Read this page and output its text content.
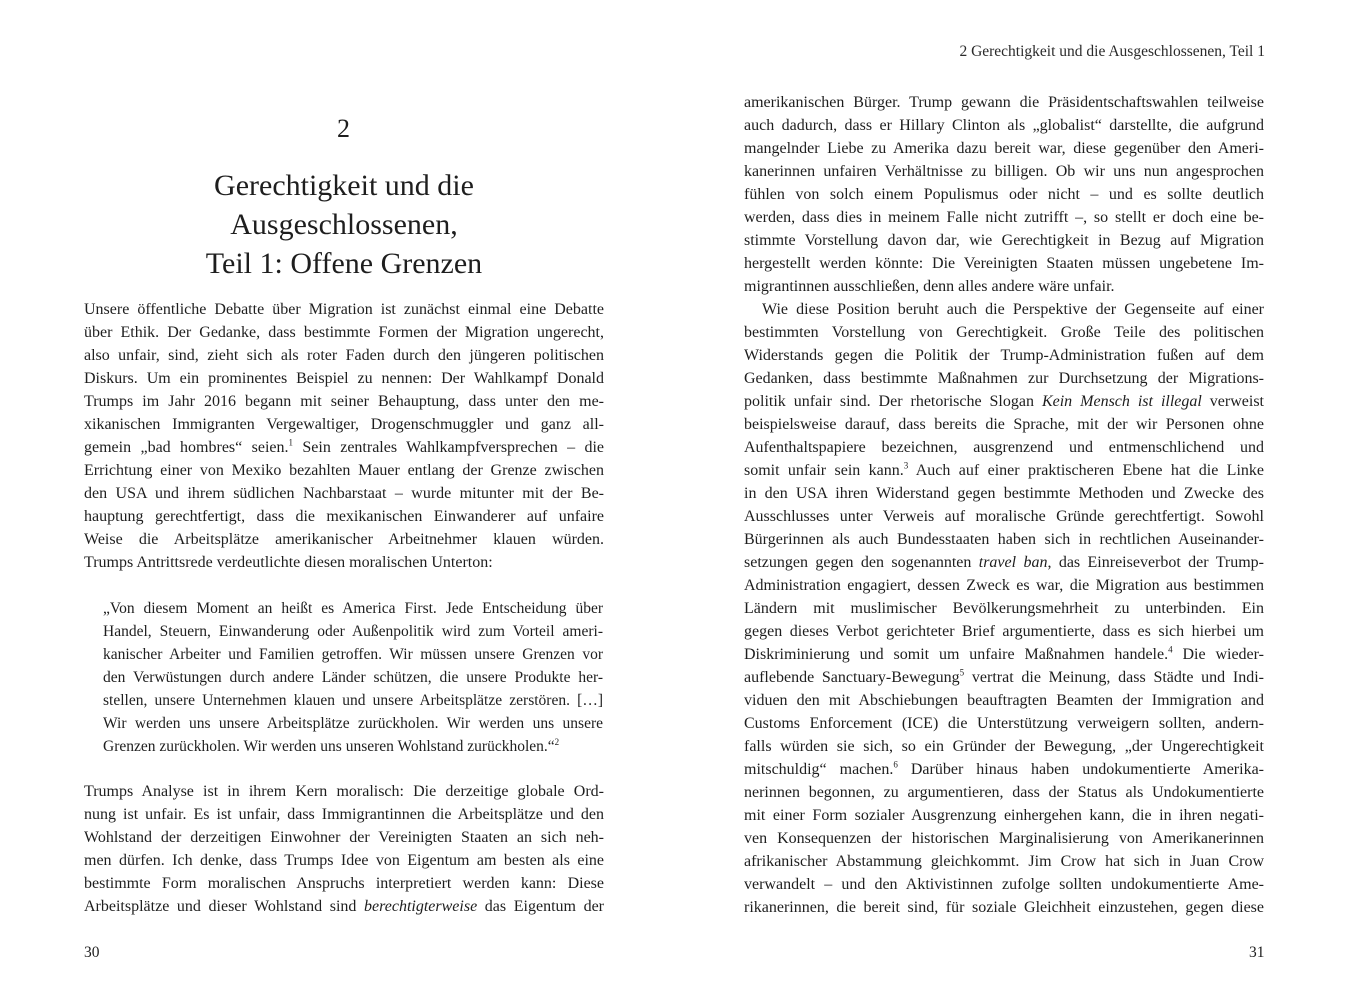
2
Gerechtigkeit und die
Ausgeschlossenen,
Teil 1: Offene Grenzen
Unsere öffentliche Debatte über Migration ist zunächst einmal eine Debatte
über Ethik. Der Gedanke, dass bestimmte Formen der Migration ungerecht,
also unfair, sind, zieht sich als roter Faden durch den jüngeren politischen
Diskurs. Um ein prominentes Beispiel zu nennen: Der Wahlkampf Donald
Trumps im Jahr 2016 begann mit seiner Behauptung, dass unter den me-
xikanischen Immigranten Vergewaltiger, Drogenschmuggler und ganz all-
gemein „bad hombres“ seien.$^1$ Sein zentrales Wahlkampfversprechen – die
Errichtung einer von Mexiko bezahlten Mauer entlang der Grenze zwischen
den USA und ihrem südlichen Nachbarstaat – wurde mitunter mit der Be-
hauptung gerechtfertigt, dass die mexikanischen Einwanderer auf unfaire
Weise die Arbeitsplätze amerikanischer Arbeitnehmer klauen würden.
Trumps Antrittsrede verdeutlichte diesen moralischen Unterton:
„Von diesem Moment an heißt es America First. Jede Entscheidung über
Handel, Steuern, Einwanderung oder Außenpolitik wird zum Vorteil ameri-
kanischer Arbeiter und Familien getroffen. Wir müssen unsere Grenzen vor
den Verwüstungen durch andere Länder schützen, die unsere Produkte her-
stellen, unsere Unternehmen klauen und unsere Arbeitsplätze zerstören. […]
Wir werden uns unsere Arbeitsplätze zurückholen. Wir werden uns unsere
Grenzen zurückholen. Wir werden uns unseren Wohlstand zurückholen.“$^2$
Trumps Analyse ist in ihrem Kern moralisch: Die derzeitige globale Ord-
nung ist unfair. Es ist unfair, dass Immigrantinnen die Arbeitsplätze und den
Wohlstand der derzeitigen Einwohner der Vereinigten Staaten an sich neh-
men dürfen. Ich denke, dass Trumps Idee von Eigentum am besten als eine
bestimmte Form moralischen Anspruchs interpretiert werden kann: Diese
Arbeitsplätze und dieser Wohlstand sind berechtigterweise das Eigentum der
30
2 Gerechtigkeit und die Ausgeschlossenen, Teil 1
amerikanischen Bürger. Trump gewann die Präsidentschaftswahlen teilweise
auch dadurch, dass er Hillary Clinton als „globalist“ darstellte, die aufgrund
mangelnder Liebe zu Amerika dazu bereit war, diese gegenüber den Ameri-
kanerinnen unfairen Verhältnisse zu billigen. Ob wir uns nun angesprochen
fühlen von solch einem Populismus oder nicht – und es sollte deutlich
werden, dass dies in meinem Falle nicht zutrifft –, so stellt er doch eine be-
stimmte Vorstellung davon dar, wie Gerechtigkeit in Bezug auf Migration
hergestellt werden könnte: Die Vereinigten Staaten müssen ungebetene Im-
migrantinnen ausschließen, denn alles andere wäre unfair.
Wie diese Position beruht auch die Perspektive der Gegenseite auf einer
bestimmten Vorstellung von Gerechtigkeit. Große Teile des politischen
Widerstands gegen die Politik der Trump-Administration fußen auf dem
Gedanken, dass bestimmte Maßnahmen zur Durchsetzung der Migrations-
politik unfair sind. Der rhetorische Slogan Kein Mensch ist illegal verweist
beispielsweise darauf, dass bereits die Sprache, mit der wir Personen ohne
Aufenthaltspapiere bezeichnen, ausgrenzend und entmenschlichend und
somit unfair sein kann.$^3$ Auch auf einer praktischeren Ebene hat die Linke
in den USA ihren Widerstand gegen bestimmte Methoden und Zwecke des
Ausschlusses unter Verweis auf moralische Gründe gerechtfertigt. Sowohl
Bürgerinnen als auch Bundesstaaten haben sich in rechtlichen Auseinander-
setzungen gegen den sogenannten travel ban, das Einreiseverbot der Trump-
Administration engagiert, dessen Zweck es war, die Migration aus bestimmen
Ländern mit muslimischer Bevölkerungsmehrheit zu unterbinden. Ein
gegen dieses Verbot gerichteter Brief argumentierte, dass es sich hierbei um
Diskriminierung und somit um unfaire Maßnahmen handele.$^4$ Die wieder-
auflebende Sanctuary-Bewegung$^5$ vertrat die Meinung, dass Städte und Indi-
viduen den mit Abschiebungen beauftragten Beamten der Immigration and
Customs Enforcement (ICE) die Unterstützung verweigern sollten, andern-
falls würden sie sich, so ein Gründer der Bewegung, „der Ungerechtigkeit
mitschuldig“ machen.$^6$ Darüber hinaus haben undokumentierte Amerika-
nerinnen begonnen, zu argumentieren, dass der Status als Undokumentierte
mit einer Form sozialer Ausgrenzung einhergehen kann, die in ihren negati-
ven Konsequenzen der historischen Marginalisierung von Amerikanerinnen
afrikanischer Abstammung gleichkommt. Jim Crow hat sich in Juan Crow
verwandelt – und den Aktivistinnen zufolge sollten undokumentierte Ame-
rikanerinnen, die bereit sind, für soziale Gleichheit einzustehen, gegen diese
31
